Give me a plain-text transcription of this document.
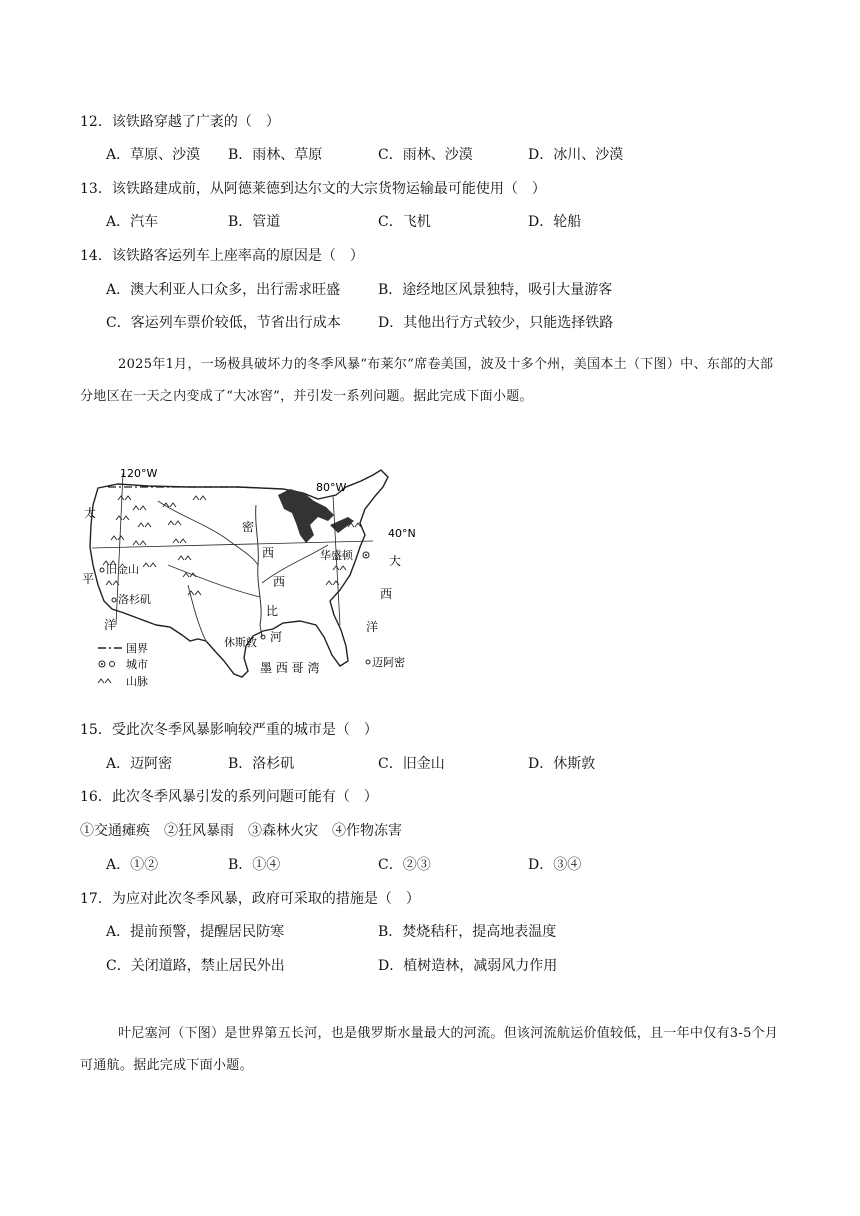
12．该铁路穿越了广袤的（　）
A．草原、沙漠 B．雨林、草原	C．雨林、沙漠	D．冰川、沙漠
13．该铁路建成前，从阿德莱德到达尔文的大宗货物运输最可能使用（　）
A．汽车	B．管道	C．飞机	D．轮船
14．该铁路客运列车上座率高的原因是（　）
A．澳大利亚人口众多，出行需求旺盛	B．途经地区风景独特，吸引大量游客
C．客运列车票价较低，节省出行成本	D．其他出行方式较少，只能选择铁路
2025年1月，一场极具破坏力的冬季风暴“布莱尔”席卷美国，波及十多个州，美国本土（下图）中、东部的大部分地区在一天之内变成了“大冰窖”，并引发一系列问题。据此完成下面小题。
120°W
80°W
40°N
太
平
洋
大
西
洋
密
西
西
比
河
墨 西 哥 湾
旧金山
洛杉矶
休斯敦
华盛顿
迈阿密
国界
城市
山脉
15．受此次冬季风暴影响较严重的城市是（　）
A．迈阿密	B．洛杉矶	C．旧金山	D．休斯敦
16．此次冬季风暴引发的系列问题可能有（　）
①交通瘫痪　②狂风暴雨　③森林火灾　④作物冻害
A．①②	B．①④	C．②③	D．③④
17．为应对此次冬季风暴，政府可采取的措施是（　）
A．提前预警，提醒居民防寒	B．焚烧秸秆，提高地表温度
C．关闭道路，禁止居民外出	D．植树造林，减弱风力作用
叶尼塞河（下图）是世界第五长河，也是俄罗斯水量最大的河流。但该河流航运价值较低，且一年中仅有3-5个月可通航。据此完成下面小题。
